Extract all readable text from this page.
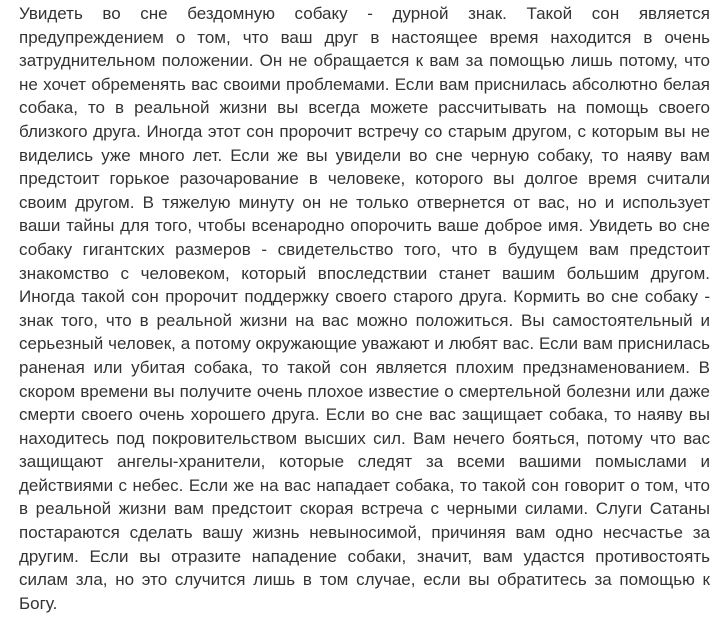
Увидеть во сне бездомную собаку - дурной знак. Такой сон является предупреждением о том, что ваш друг в настоящее время находится в очень затруднительном положении. Он не обращается к вам за помощью лишь потому, что не хочет обременять вас своими проблемами. Если вам приснилась абсолютно белая собака, то в реальной жизни вы всегда можете рассчитывать на помощь своего близкого друга. Иногда этот сон пророчит встречу со старым другом, с которым вы не виделись уже много лет. Если же вы увидели во сне черную собаку, то наяву вам предстоит горькое разочарование в человеке, которого вы долгое время считали своим другом. В тяжелую минуту он не только отвернется от вас, но и использует ваши тайны для того, чтобы всенародно опорочить ваше доброе имя. Увидеть во сне собаку гигантских размеров - свидетельство того, что в будущем вам предстоит знакомство с человеком, который впоследствии станет вашим большим другом. Иногда такой сон пророчит поддержку своего старого друга. Кормить во сне собаку - знак того, что в реальной жизни на вас можно положиться. Вы самостоятельный и серьезный человек, а потому окружающие уважают и любят вас. Если вам приснилась раненая или убитая собака, то такой сон является плохим предзнаменованием. В скором времени вы получите очень плохое известие о смертельной болезни или даже смерти своего очень хорошего друга. Если во сне вас защищает собака, то наяву вы находитесь под покровительством высших сил. Вам нечего бояться, потому что вас защищают ангелы-хранители, которые следят за всеми вашими помыслами и действиями с небес. Если же на вас нападает собака, то такой сон говорит о том, что в реальной жизни вам предстоит скорая встреча с черными силами. Слуги Сатаны постараются сделать вашу жизнь невыносимой, причиняя вам одно несчастье за другим. Если вы отразите нападение собаки, значит, вам удастся противостоять силам зла, но это случится лишь в том случае, если вы обратитесь за помощью к Богу.
